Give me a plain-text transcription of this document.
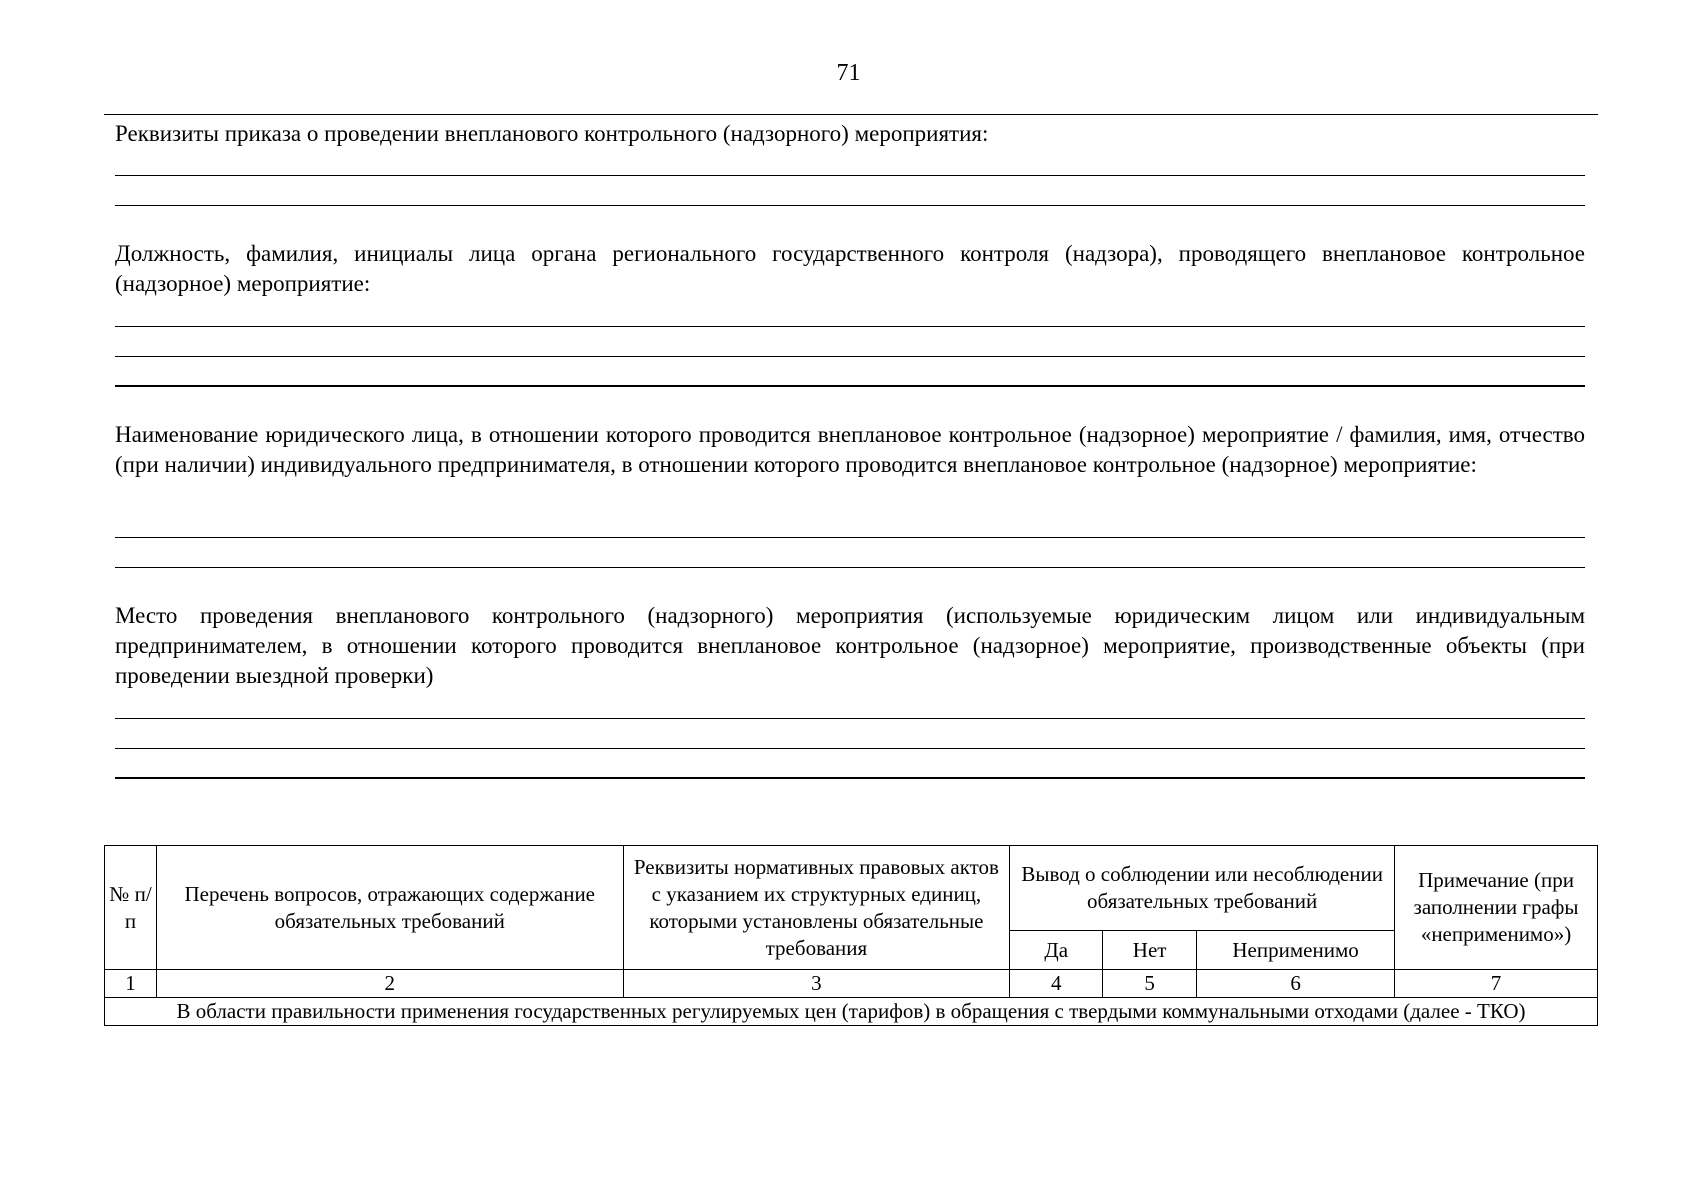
71

Реквизиты приказа о проведении внепланового контрольного (надзорного) мероприятия:

Должность, фамилия, инициалы лица органа регионального государственного контроля (надзора), проводящего внеплановое контрольное (надзорное) мероприятие:

Наименование юридического лица, в отношении которого проводится внеплановое контрольное (надзорное) мероприятие / фамилия, имя, отчество (при наличии) индивидуального предпринимателя, в отношении которого проводится внеплановое контрольное (надзорное) мероприятие:

Место проведения внепланового контрольного (надзорного) мероприятия (используемые юридическим лицом или индивидуальным предпринимателем, в отношении которого проводится внеплановое контрольное (надзорное) мероприятие, производственные объекты (при проведении выездной проверки)

№ п/п	Перечень вопросов, отражающих содержание обязательных требований	Реквизиты нормативных правовых актов с указанием их структурных единиц, которыми установлены обязательные требования	Вывод о соблюдении или несоблюдении обязательных требований			Примечание (при заполнении графы «неприменимо»)
			Да	Нет	Неприменимо	
1	2	3	4	5	6	7
В области правильности применения государственных регулируемых цен (тарифов) в обращения с твердыми коммунальными отходами (далее - ТКО)						
